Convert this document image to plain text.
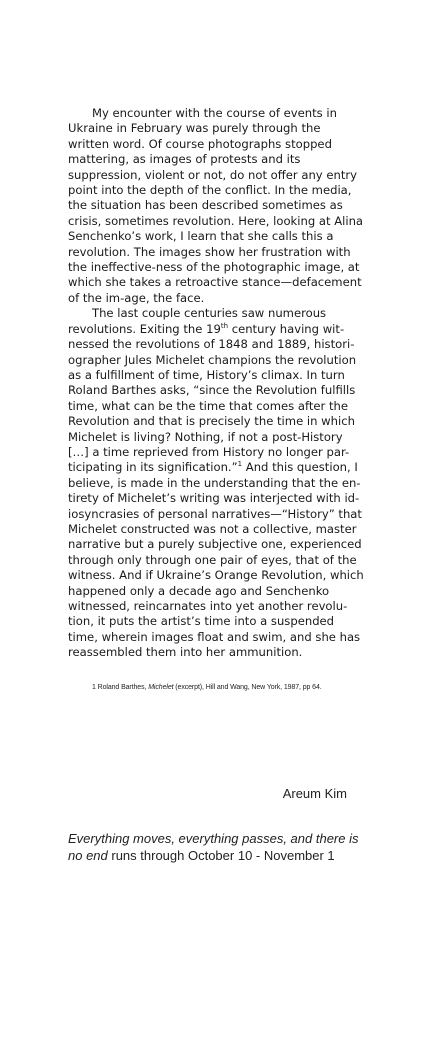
My encounter with the course of events in Ukraine in February was purely through the written word. Of course photographs stopped mattering, as images of protests and its suppression, violent or not, do not offer any entry point into the depth of the conflict. In the media, the situation has been described sometimes as crisis, sometimes revolution. Here, looking at Alina Senchenko’s work, I learn that she calls this a revolution. The images show her frustration with the ineffective-ness of the photographic image, at which she takes a retroactive stance—defacement of the im-age, the face.

The last couple centuries saw numerous revolutions. Exiting the 19th century having wit-nessed the revolutions of 1848 and 1889, histori-ographer Jules Michelet champions the revolution as a fulfillment of time, History’s climax. In turn Roland Barthes asks, “since the Revolution fulfills time, what can be the time that comes after the Revolution and that is precisely the time in which Michelet is living? Nothing, if not a post-History […] a time reprieved from History no longer par-ticipating in its signification.”$^1$ And this question, I believe, is made in the understanding that the en-tirety of Michelet’s writing was interjected with id-iosyncrasies of personal narratives—“History” that Michelet constructed was not a collective, master narrative but a purely subjective one, experienced through only through one pair of eyes, that of the witness. And if Ukraine’s Orange Revolution, which happened only a decade ago and Senchenko witnessed, reincarnates into yet another revolu-tion, it puts the artist’s time into a suspended time, wherein images float and swim, and she has reassembled them into her ammunition.

1 Roland Barthes, Michelet (excerpt), Hill and Wang, New York, 1987, pp 64.
Areum Kim
Everything moves, everything passes, and there is no end runs through October 10 - November 1
